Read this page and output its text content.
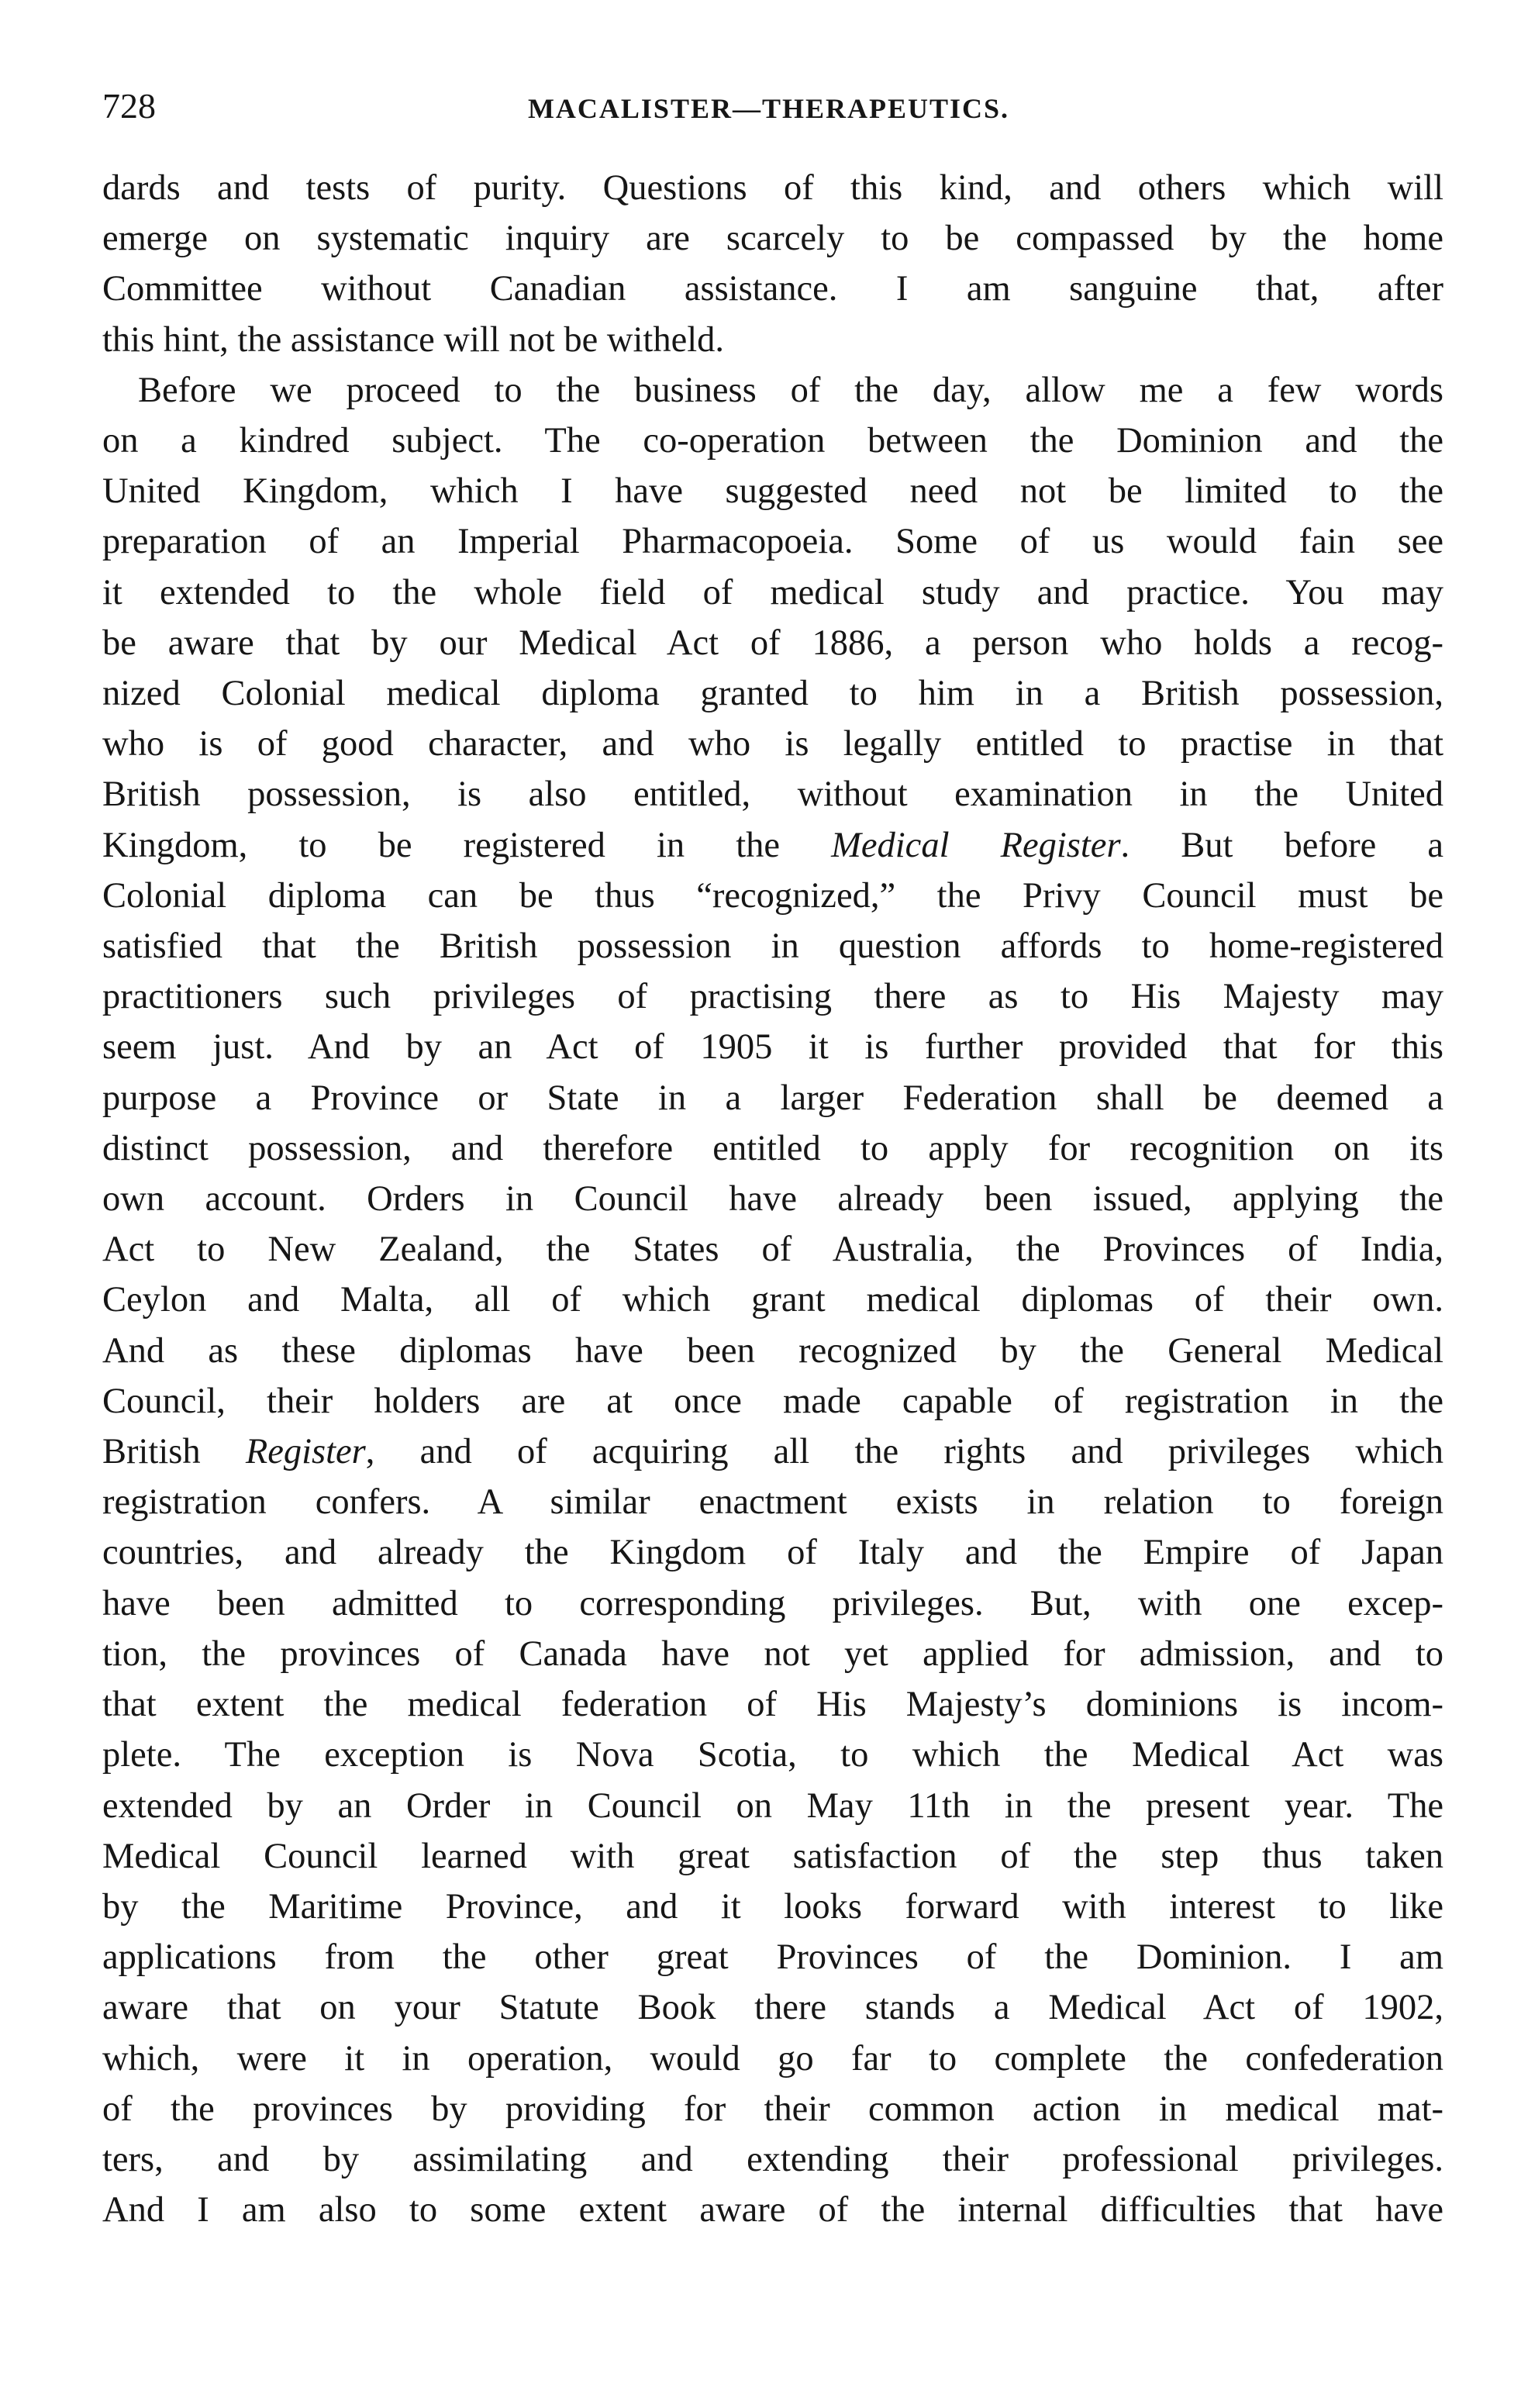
728	MACALISTER—THERAPEUTICS.
dards and tests of purity. Questions of this kind, and others which will
emerge on systematic inquiry are scarcely to be compassed by the home
Committee without Canadian assistance. I am sanguine that, after
this hint, the assistance will not be witheld.
Before we proceed to the business of the day, allow me a few words
on a kindred subject. The co-operation between the Dominion and the
United Kingdom, which I have suggested need not be limited to the
preparation of an Imperial Pharmacopoeia. Some of us would fain see
it extended to the whole field of medical study and practice. You may
be aware that by our Medical Act of 1886, a person who holds a recog-
nized Colonial medical diploma granted to him in a British possession,
who is of good character, and who is legally entitled to practise in that
British possession, is also entitled, without examination in the United
Kingdom, to be registered in the Medical Register. But before a
Colonial diploma can be thus “recognized,” the Privy Council must be
satisfied that the British possession in question affords to home-registered
practitioners such privileges of practising there as to His Majesty may
seem just. And by an Act of 1905 it is further provided that for this
purpose a Province or State in a larger Federation shall be deemed a
distinct possession, and therefore entitled to apply for recognition on its
own account. Orders in Council have already been issued, applying the
Act to New Zealand, the States of Australia, the Provinces of India,
Ceylon and Malta, all of which grant medical diplomas of their own.
And as these diplomas have been recognized by the General Medical
Council, their holders are at once made capable of registration in the
British Register, and of acquiring all the rights and privileges which
registration confers. A similar enactment exists in relation to foreign
countries, and already the Kingdom of Italy and the Empire of Japan
have been admitted to corresponding privileges. But, with one excep-
tion, the provinces of Canada have not yet applied for admission, and to
that extent the medical federation of His Majesty’s dominions is incom-
plete. The exception is Nova Scotia, to which the Medical Act was
extended by an Order in Council on May 11th in the present year. The
Medical Council learned with great satisfaction of the step thus taken
by the Maritime Province, and it looks forward with interest to like
applications from the other great Provinces of the Dominion. I am
aware that on your Statute Book there stands a Medical Act of 1902,
which, were it in operation, would go far to complete the confederation
of the provinces by providing for their common action in medical mat-
ters, and by assimilating and extending their professional privileges.
And I am also to some extent aware of the internal difficulties that have
